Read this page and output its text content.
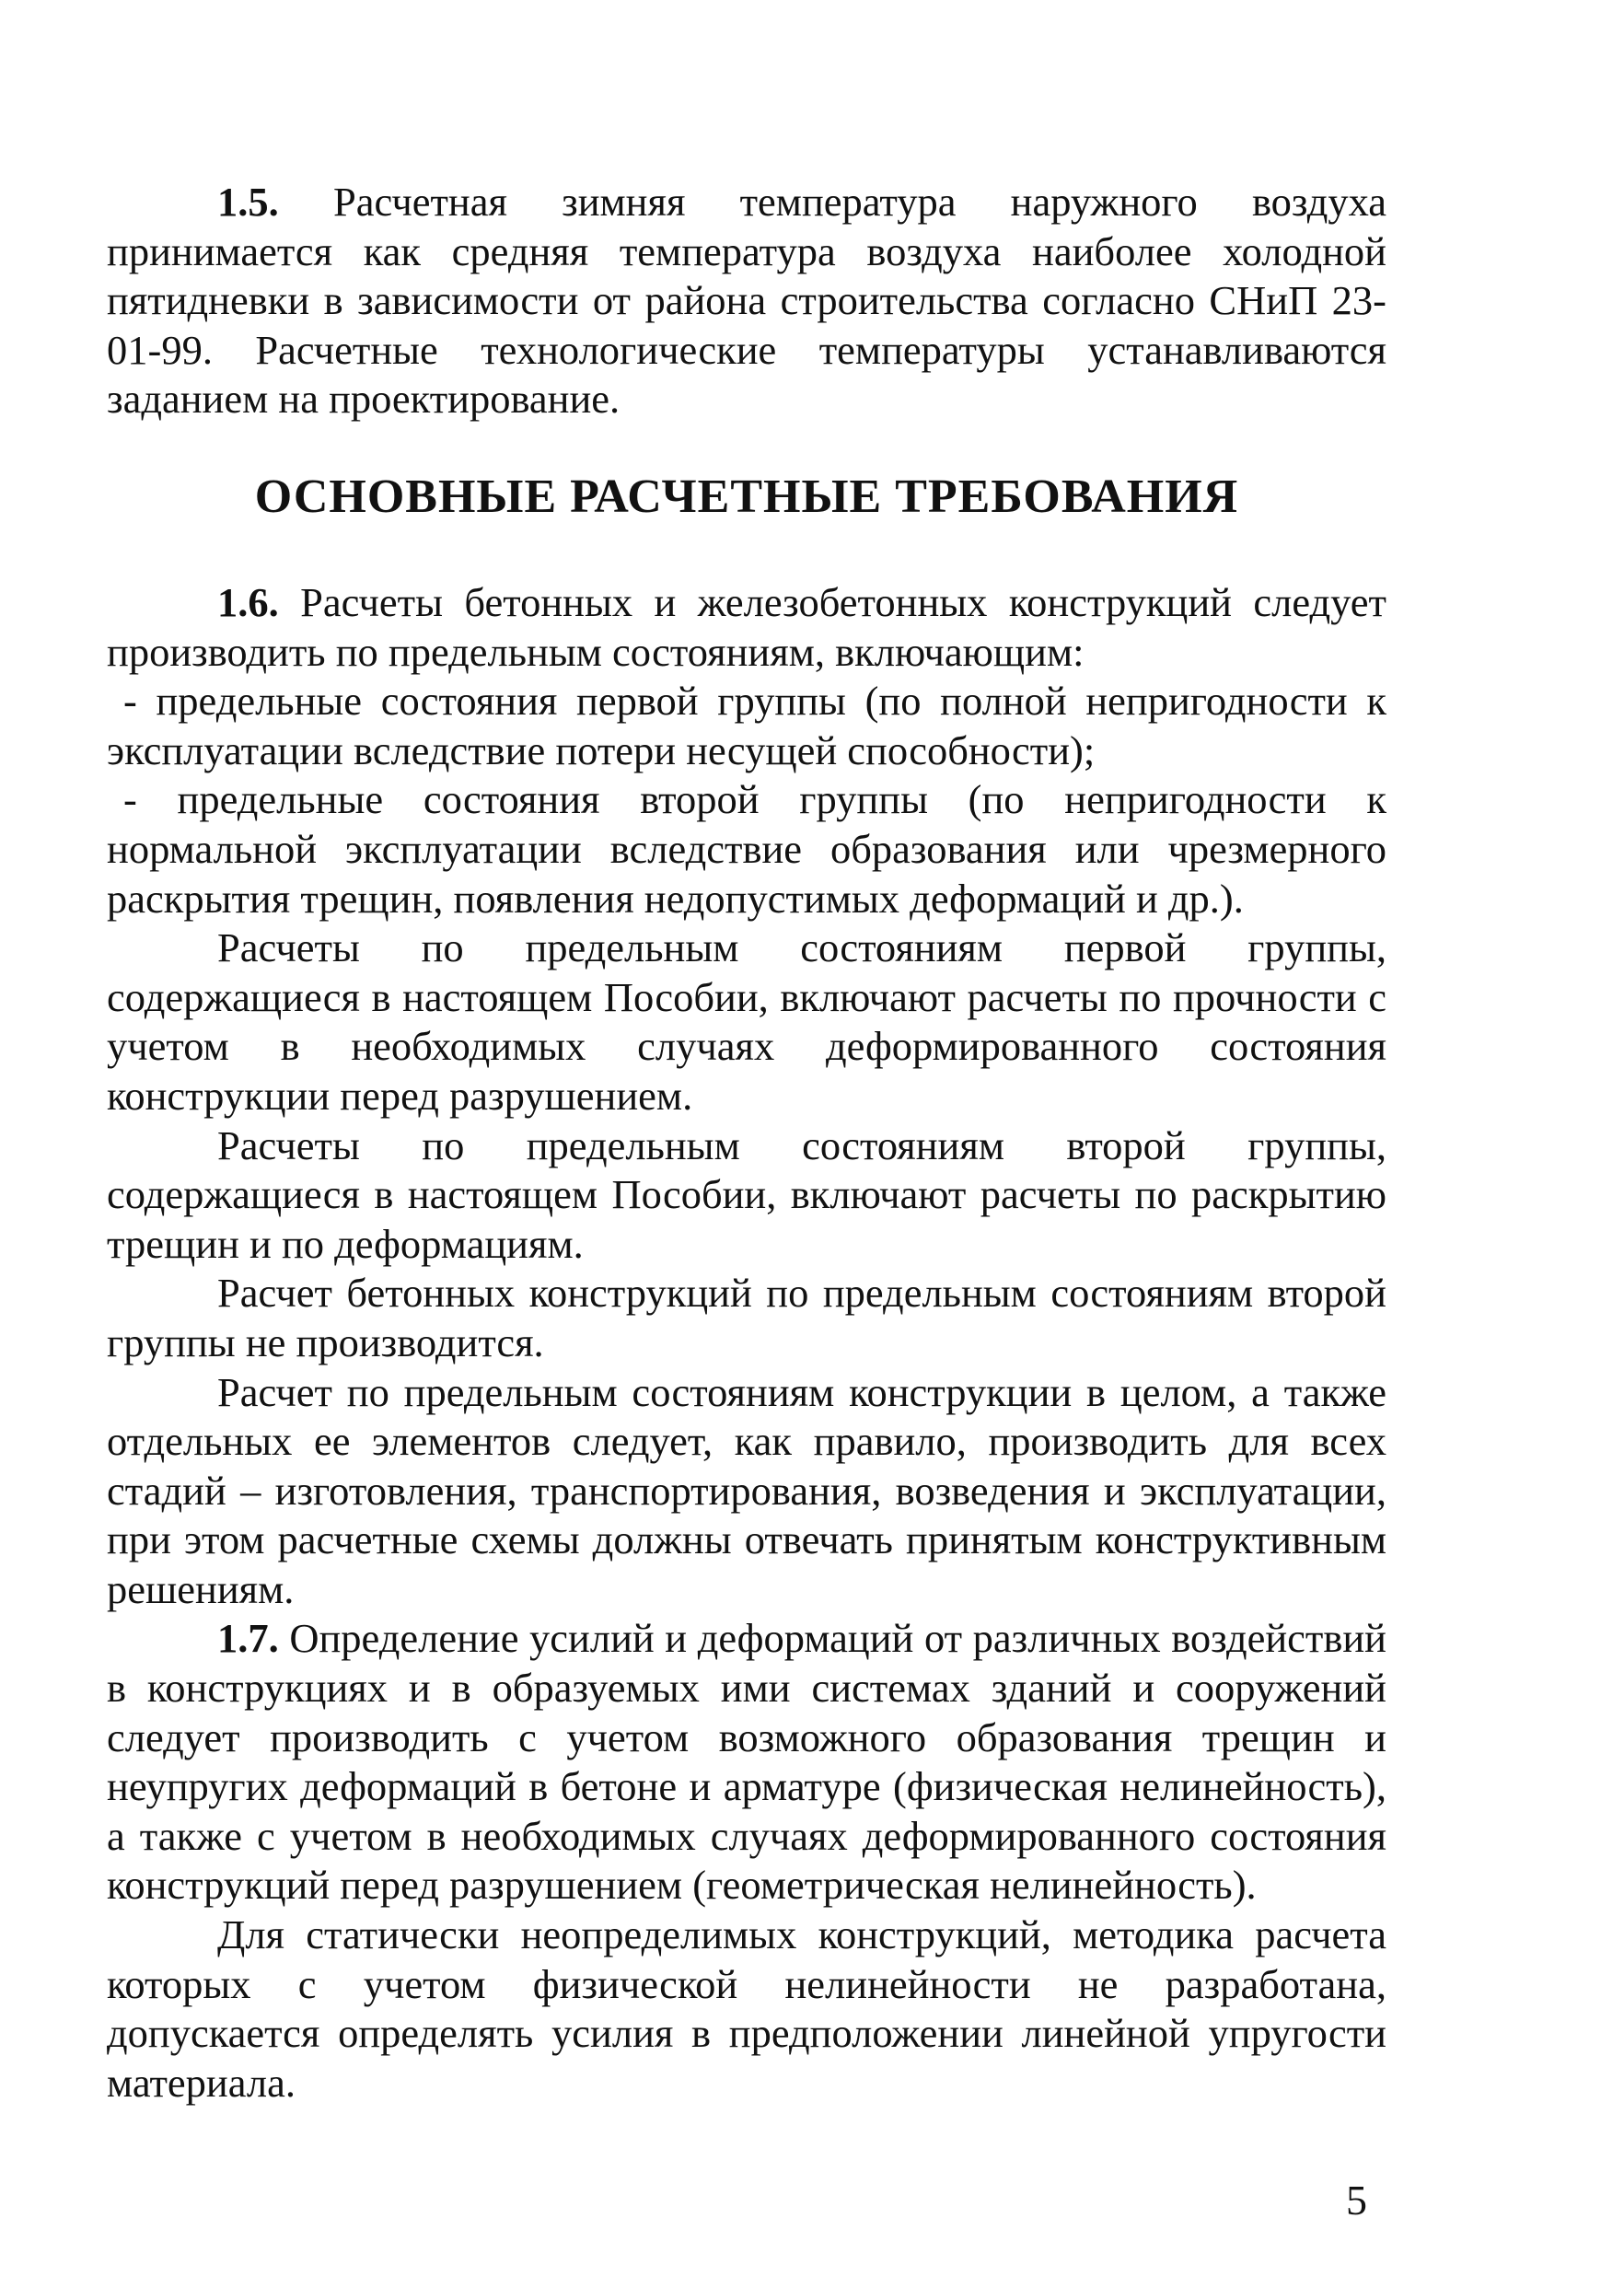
1.5. Расчетная зимняя температура наружного воздуха принимается как средняя температура воздуха наиболее холодной пятидневки в зависимости от района строительства согласно СНиП 23-01-99. Расчетные технологические температуры устанавливаются заданием на проектирование.

ОСНОВНЫЕ РАСЧЕТНЫЕ ТРЕБОВАНИЯ

1.6. Расчеты бетонных и железобетонных конструкций следует производить по предельным состояниям, включающим:

- предельные состояния первой группы (по полной непригодности к эксплуатации вследствие потери несущей способности);

- предельные состояния второй группы (по непригодности к нормальной эксплуатации вследствие образования или чрезмерного раскрытия трещин, появления недопустимых деформаций и др.).

Расчеты по предельным состояниям первой группы, содержащиеся в настоящем Пособии, включают расчеты по прочности с учетом в необходимых случаях деформированного состояния конструкции перед разрушением.

Расчеты по предельным состояниям второй группы, содержащиеся в настоящем Пособии, включают расчеты по раскрытию трещин и по деформациям.

Расчет бетонных конструкций по предельным состояниям второй группы не производится.

Расчет по предельным состояниям конструкции в целом, а также отдельных ее элементов следует, как правило, производить для всех стадий – изготовления, транспортирования, возведения и эксплуатации, при этом расчетные схемы должны отвечать принятым конструктивным решениям.

1.7. Определение усилий и деформаций от различных воздействий в конструкциях и в образуемых ими системах зданий и сооружений следует производить с учетом возможного образования трещин и неупругих деформаций в бетоне и арматуре (физическая нелинейность), а также с учетом в необходимых случаях деформированного состояния конструкций перед разрушением (геометрическая нелинейность).

Для статически неопределимых конструкций, методика расчета которых с учетом физической нелинейности не разработана, допускается определять усилия в предположении линейной упругости материала.

5
